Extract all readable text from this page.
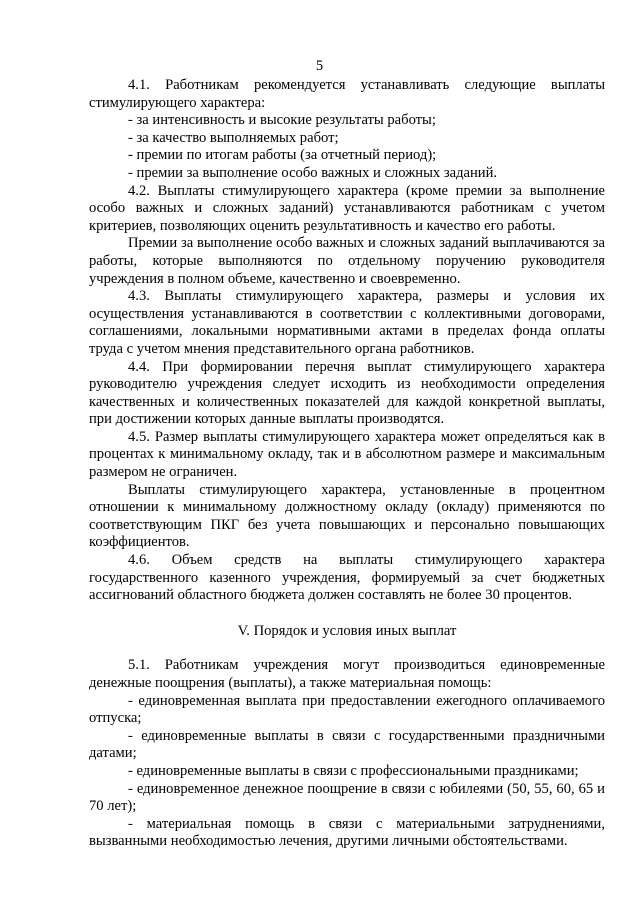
5

4.1. Работникам рекомендуется устанавливать следующие выплаты стимулирующего характера:

- за интенсивность и высокие результаты работы;

- за качество выполняемых работ;

- премии по итогам работы (за отчетный период);

- премии за выполнение особо важных и сложных заданий.

4.2. Выплаты стимулирующего характера (кроме премии за выполнение особо важных и сложных заданий) устанавливаются работникам с учетом критериев, позволяющих оценить результативность и качество его работы.

Премии за выполнение особо важных и сложных заданий выплачиваются за работы, которые выполняются по отдельному поручению руководителя учреждения в полном объеме, качественно и своевременно.

4.3. Выплаты стимулирующего характера, размеры и условия их осуществления устанавливаются в соответствии с коллективными договорами, соглашениями, локальными нормативными актами в пределах фонда оплаты труда с учетом мнения представительного органа работников.

4.4. При формировании перечня выплат стимулирующего характера руководителю учреждения следует исходить из необходимости определения качественных и количественных показателей для каждой конкретной выплаты, при достижении которых данные выплаты производятся.

4.5. Размер выплаты стимулирующего характера может определяться как в процентах к минимальному окладу, так и в абсолютном размере и максимальным размером не ограничен.

Выплаты стимулирующего характера, установленные в процентном отношении к минимальному должностному окладу (окладу) применяются по соответствующим ПКГ без учета повышающих и персонально повышающих коэффициентов.

4.6. Объем средств на выплаты стимулирующего характера государственного казенного учреждения, формируемый за счет бюджетных ассигнований областного бюджета должен составлять не более 30 процентов.

V. Порядок и условия иных выплат

5.1. Работникам учреждения могут производиться единовременные денежные поощрения (выплаты), а также материальная помощь:

- единовременная выплата при предоставлении ежегодного оплачиваемого отпуска;

- единовременные выплаты в связи с государственными праздничными датами;

- единовременные выплаты в связи с профессиональными праздниками;

- единовременное денежное поощрение в связи с юбилеями (50, 55, 60, 65 и 70 лет);

- материальная помощь в связи с материальными затруднениями, вызванными необходимостью лечения, другими личными обстоятельствами.
